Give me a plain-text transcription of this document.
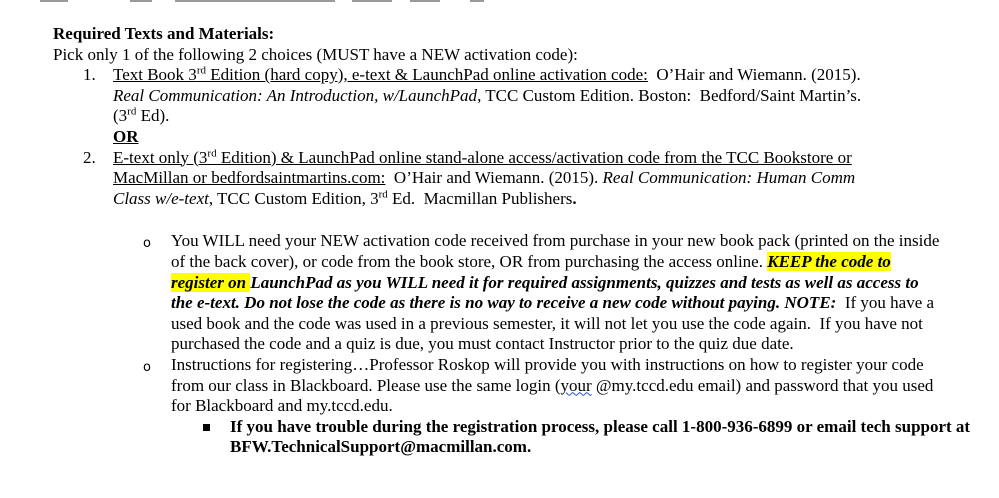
Required Texts and Materials:

Pick only 1 of the following 2 choices (MUST have a NEW activation code):

1. Text Book 3rd Edition (hard copy), e-text & LaunchPad online activation code:  O’Hair and Wiemann. (2015).
Real Communication: An Introduction, w/LaunchPad, TCC Custom Edition. Boston:  Bedford/Saint Martin’s.
(3rd Ed).
OR
2. E-text only (3rd Edition) & LaunchPad online stand-alone access/activation code from the TCC Bookstore or
MacMillan or bedfordsaintmartins.com:  O’Hair and Wiemann. (2015). Real Communication: Human Comm
Class w/e-text, TCC Custom Edition, 3rd Ed.  Macmillan Publishers.
o You WILL need your NEW activation code received from purchase in your new book pack (printed on the inside of the back cover), or code from the book store, OR from purchasing the access online. KEEP the code to register on LaunchPad as you WILL need it for required assignments, quizzes and tests as well as access to the e-text. Do not lose the code as there is no way to receive a new code without paying. NOTE:  If you have a used book and the code was used in a previous semester, it will not let you use the code again.  If you have not purchased the code and a quiz is due, you must contact Instructor prior to the quiz due date.
o Instructions for registering…Professor Roskop will provide you with instructions on how to register your code from our class in Blackboard. Please use the same login (your @my.tccd.edu email) and password that you used for Blackboard and my.tccd.edu.
If you have trouble during the registration process, please call 1-800-936-6899 or email tech support at BFW.TechnicalSupport@macmillan.com.
